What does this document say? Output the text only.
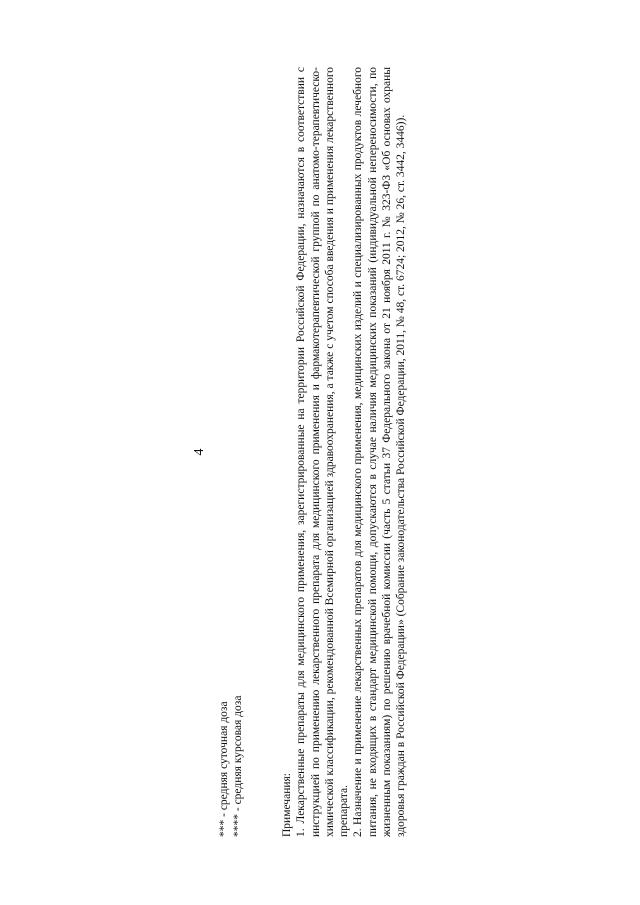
4

*** - средняя суточная доза **** - средняя курсовая доза	Примечания: 1. Лекарственные препараты для медицинского применения, зарегистрированные на территории Российской Федерации, назначаются в соответствии с инструкцией по применению лекарственного препарата для медицинского применения и фармакотерапевтической группой по анатомо-терапевтическо-химической классификации, рекомендованной Всемирной организацией здравоохранения, а также с учетом способа введения и применения лекарственного препарата. 2. Назначение и применение лекарственных препаратов для медицинского применения, медицинских изделий и специализированных продуктов лечебного питания, не входящих в стандарт медицинской помощи, допускаются в случае наличия медицинских показаний (индивидуальной непереносимости, по жизненным показаниям) по решению врачебной комиссии (часть 5 статьи 37 Федерального закона от 21 ноября 2011 г. № 323-ФЗ «Об основах охраны здоровья граждан в Российской Федерации» (Собрание законодательства Российской Федерации, 2011, № 48, ст. 6724; 2012, № 26, ст. 3442, 3446)).
